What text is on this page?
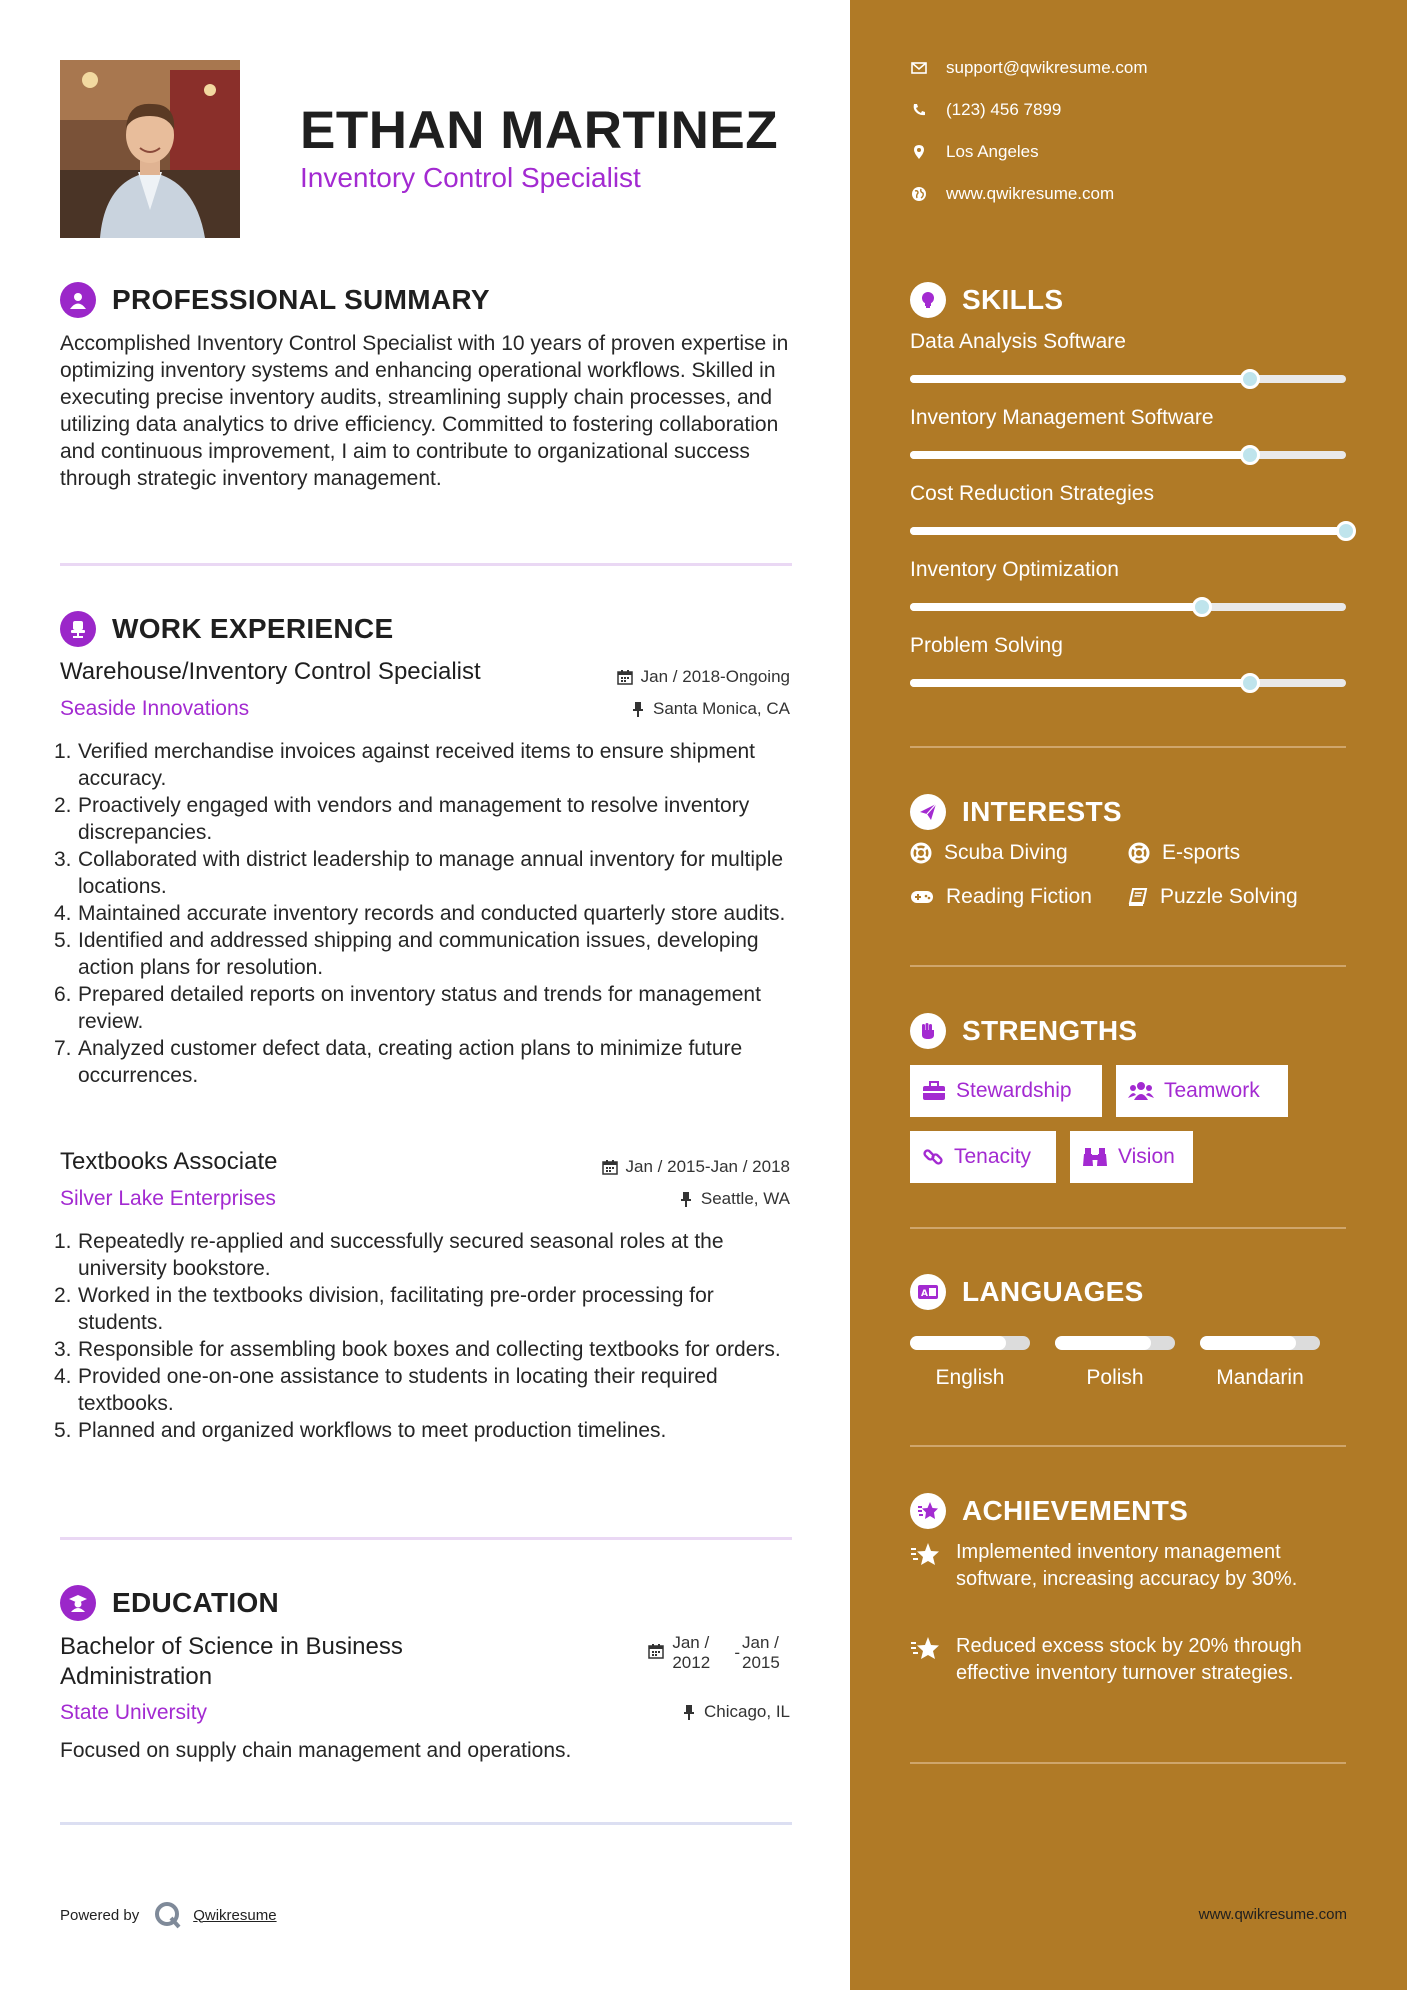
ETHAN MARTINEZ
Inventory Control Specialist
PROFESSIONAL SUMMARY
Accomplished Inventory Control Specialist with 10 years of proven expertise in optimizing inventory systems and enhancing operational workflows. Skilled in executing precise inventory audits, streamlining supply chain processes, and utilizing data analytics to drive efficiency. Committed to fostering collaboration and continuous improvement, I aim to contribute to organizational success through strategic inventory management.
WORK EXPERIENCE
Warehouse/Inventory Control Specialist	Jan / 2018-Ongoing
Seaside Innovations	Santa Monica, CA
1. Verified merchandise invoices against received items to ensure shipment accuracy.
2. Proactively engaged with vendors and management to resolve inventory discrepancies.
3. Collaborated with district leadership to manage annual inventory for multiple locations.
4. Maintained accurate inventory records and conducted quarterly store audits.
5. Identified and addressed shipping and communication issues, developing action plans for resolution.
6. Prepared detailed reports on inventory status and trends for management review.
7. Analyzed customer defect data, creating action plans to minimize future occurrences.
Textbooks Associate	Jan / 2015-Jan / 2018
Silver Lake Enterprises	Seattle, WA
1. Repeatedly re-applied and successfully secured seasonal roles at the university bookstore.
2. Worked in the textbooks division, facilitating pre-order processing for students.
3. Responsible for assembling book boxes and collecting textbooks for orders.
4. Provided one-on-one assistance to students in locating their required textbooks.
5. Planned and organized workflows to meet production timelines.
EDUCATION
Bachelor of Science in Business Administration
Jan / 2012
-
Jan / 2015
State University	Chicago, IL
Focused on supply chain management and operations.
Powered by	Qwikresume
support@qwikresume.com
(123) 456 7899
Los Angeles
www.qwikresume.com
SKILLS
Data Analysis Software
Inventory Management Software
Cost Reduction Strategies
Inventory Optimization
Problem Solving
INTERESTS
Scuba Diving	E-sports
Reading Fiction	Puzzle Solving
STRENGTHS
Stewardship	Teamwork
Tenacity	Vision
A LANGUAGES
English	Polish	Mandarin
ACHIEVEMENTS
Implemented inventory management software, increasing accuracy by 30%.
Reduced excess stock by 20% through effective inventory turnover strategies.
www.qwikresume.com
